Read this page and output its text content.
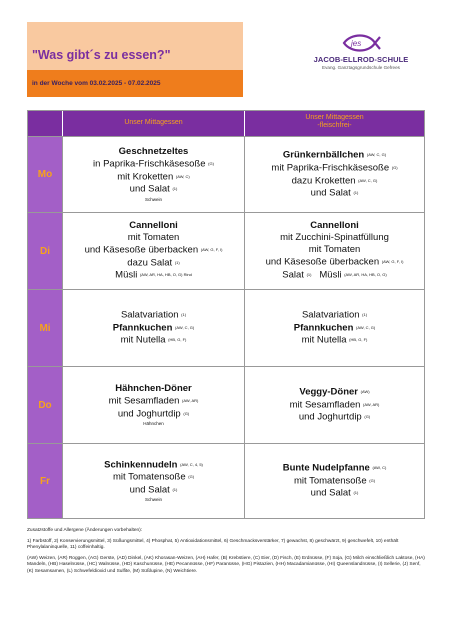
"Was gibt´s zu essen?"
in der Woche vom 03.02.2025 - 07.02.2025
jes
JACOB-ELLROD-SCHULE
Evang. Ganztagsgrundschule Gefrees
Unser Mittagessen
Unser Mittagessen
-fleischfrei-
Mo
Geschnetzeltes
in Paprika-Frischkäsesoße (G)
mit Kroketten (AW, C)
und Salat (1)
Schwein
Grünkernbällchen (AW, C, G)
mit Paprika-Frischkäsesoße (G)
dazu Kroketten (AW, C, G)
und Salat (1)
Di
Cannelloni
mit Tomaten
und Käsesoße überbacken (AW, G, F, I)
dazu Salat (1)
Müsli (AW, AR, HA, HB, O, G) Rind
Cannelloni
mit Zucchini-Spinatfüllung
mit Tomaten
und Käsesoße überbacken (AW, G, F, I)
Salat (1) Müsli (AW, AR, HA, HB, O, G)
Mi
Salatvariation (1)
Pfannkuchen (AW, C, G)
mit Nutella (HB, G, F)
Salatvariation (1)
Pfannkuchen (AW, C, G)
mit Nutella (HB, G, F)
Do
Hähnchen-Döner
mit Sesamfladen (AW, AR)
und Joghurtdip (G)
Hähnchen
Veggy-Döner (AW)
mit Sesamfladen (AW, AR)
und Joghurtdip (G)
Fr
Schinkennudeln (AW, C, 4, 5)
mit Tomatensoße (G)
und Salat (1)
Schwein
Bunte Nudelpfanne (AW, C)
mit Tomatensoße (G)
und Salat (1)

Zusatzstoffe und Allergene (Änderungen vorbehalten):

1) Farbstoff, 2) Konservierungsmittel, 3) Süßungsmittel, 4) Phosphat, 5) Antioxidationsmittel, 6) Geschmacksverstärker, 7) gewachst, 8) geschwärzt, 9) geschwefelt, 10) enthält Phenylalaninquelle, 11) coffeinhaltig.

(AW) Weizen, (AR) Roggen, (AG) Gerste, (AD) Dinkel, (AK) Khorasan-Weizen, (AH) Hafer, (B) Krebstiere, (C) Eier, (D) Fisch, (E) Erdnüsse, (F) Soja, (G) Milch einschließlich Laktose, (HA) Mandeln, (HB) Haselnüsse, (HC) Walnüsse, (HD) Kaschunüsse, (HE) Pecannüsse, (HF) Paranüsse, (HG) Pistazien, (HH) Macadamianüsse, (HI) Queenslandnüsse, (I) Sellerie, (J) Senf, (K) Sesamsamen, (L) Schwefeldioxid und Sulfite, (M) Süßlupine, (N) Weichtiere.
